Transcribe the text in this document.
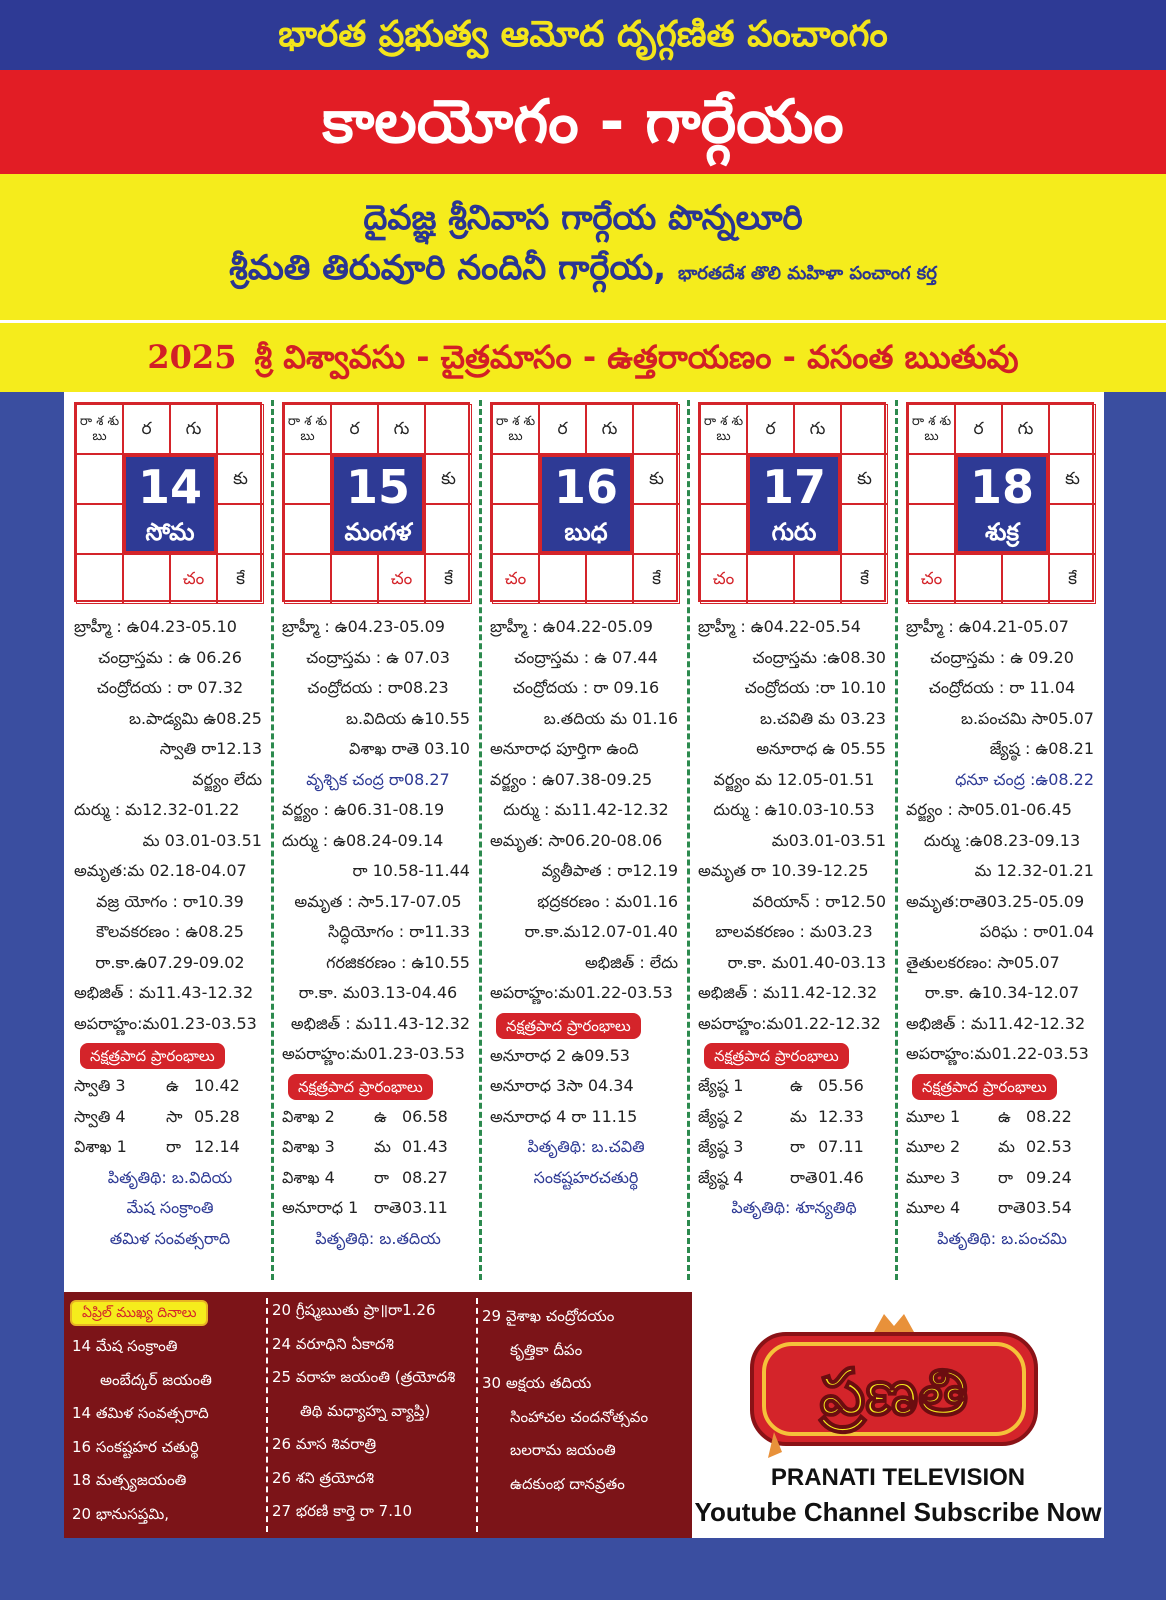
భారత ప్రభుత్వ ఆమోద దృగ్గణిత పంచాంగం
కాలయోగం - గార్గేయం
దైవజ్ఞ శ్రీనివాస గార్గేయ పొన్నలూరి
శ్రీమతి తిరువూరి నందినీ గార్గేయ, భారతదేశ తొలి మహిళా పంచాంగ కర్త
2025 శ్రీ విశ్వావసు - చైత్రమాసం - ఉత్తరాయణం - వసంత ఋతువు
రా శ శు బు	ర	గు
కు
చం	కే
14
సోమ
బ్రాహ్మీ : ఉ04.23-05.10
చంద్రాస్తమ : ఉ 06.26
చంద్రోదయ : రా 07.32
బ.పాడ్యమి ఉ08.25
స్వాతి రా12.13
వర్జ్యం లేదు
దుర్ము : మ12.32-01.22
మ 03.01-03.51
అమృత:మ 02.18-04.07
వజ్ర యోగం : రా10.39
కౌలవకరణం : ఉ08.25
రా.కా.ఉ07.29-09.02
అభిజిత్ : మ11.43-12.32
అపరాహ్ణం:మ01.23-03.53
నక్షత్రపాద ప్రారంభాలు
స్వాతి 3	ఉ 10.42
స్వాతి 4	సా 05.28
విశాఖ 1 రా 12.14
పితృతిథి: బ.విదియ
మేష సంక్రాంతి
తమిళ సంవత్సరాది
రా శ శు బు	ర	గు
కు
చం	కే
15
మంగళ
బ్రాహ్మీ : ఉ04.23-05.09
చంద్రాస్తమ : ఉ 07.03
చంద్రోదయ : రా08.23
బ.విదియ ఉ10.55
విశాఖ రాతె 03.10
వృశ్చిక చంద్ర రా08.27
వర్జ్యం : ఉ06.31-08.19
దుర్ము : ఉ08.24-09.14
రా 10.58-11.44
అమృత : సా5.17-07.05
సిద్ధియోగం : రా11.33
గరజికరణం : ఉ10.55
రా.కా. మ03.13-04.46
అభిజిత్ : మ11.43-12.32
అపరాహ్ణం:మ01.23-03.53
నక్షత్రపాద ప్రారంభాలు
విశాఖ 2 ఉ 06.58
విశాఖ 3 మ 01.43
విశాఖ 4 రా 08.27
అనూరాధ 1 రాతె 03.11
పితృతిథి: బ.తదియ
రా శ శు బు	ర	గు
కు
చం	కే
16
బుధ
బ్రాహ్మీ : ఉ04.22-05.09
చంద్రాస్తమ : ఉ 07.44
చంద్రోదయ : రా 09.16
బ.తదియ మ 01.16
అనూరాధ పూర్తిగా ఉంది
వర్జ్యం : ఉ07.38-09.25
దుర్ము : మ11.42-12.32
అమృత: సా06.20-08.06
వ్యతీపాత : రా12.19
భద్రకరణం : మ01.16
రా.కా.మ12.07-01.40
అభిజిత్ : లేదు
అపరాహ్ణం:మ01.22-03.53
నక్షత్రపాద ప్రారంభాలు
అనూరాధ 2 ఉ09.53
అనూరాధ 3సా 04.34
అనూరాధ 4 రా 11.15
పితృతిథి: బ.చవితి
సంకష్టహరచతుర్థి
రా శ శు బు	ర	గు
కు
చం	కే
17
గురు
బ్రాహ్మీ : ఉ04.22-05.54
చంద్రాస్తమ :ఉ08.30
చంద్రోదయ :రా 10.10
బ.చవితి మ 03.23
అనూరాధ ఉ 05.55
వర్జ్యం మ 12.05-01.51
దుర్ము : ఉ10.03-10.53
మ03.01-03.51
అమృత రా 10.39-12.25
వరియాన్ : రా12.50
బాలవకరణం : మ03.23
రా.కా. మ01.40-03.13
అభిజిత్ : మ11.42-12.32
అపరాహ్ణం:మ01.22-12.32
నక్షత్రపాద ప్రారంభాలు
జ్యేష్ఠ 1	ఉ 05.56
జ్యేష్ఠ 2	మ 12.33
జ్యేష్ఠ 3	రా 07.11
జ్యేష్ఠ 4	రాతె 01.46
పితృతిథి: శూన్యతిథి
రా శ శు బు	ర	గు
కు
చం	కే
18
శుక్ర
బ్రాహ్మీ : ఉ04.21-05.07
చంద్రాస్తమ : ఉ 09.20
చంద్రోదయ : రా 11.04
బ.పంచమి సా05.07
జ్యేష్ఠ : ఉ08.21
ధనూ చంద్ర :ఉ08.22
వర్జ్యం : సా05.01-06.45
దుర్ము :ఉ08.23-09.13
మ 12.32-01.21
అమృత:రాతె03.25-05.09
పరిఘ : రా01.04
తైతులకరణం: సా05.07
రా.కా. ఉ10.34-12.07
అభిజిత్ : మ11.42-12.32
అపరాహ్ణం:మ01.22-03.53
నక్షత్రపాద ప్రారంభాలు
మూల 1 ఉ 08.22
మూల 2 మ 02.53
మూల 3 రా 09.24
మూల 4 రాతె 03.54
పితృతిథి: బ.పంచమి
ఏప్రిల్ ముఖ్య దినాలు
14 మేష సంక్రాంతి
అంబేద్కర్ జయంతి
14 తమిళ సంవత్సరాది
16 సంకష్టహర చతుర్థి
18 మత్స్యజయంతి
20 భానుసప్తమి,
20 గ్రీష్మఋతు ప్రా॥రా1.26
24 వరూధిని ఏకాదశి
25 వరాహ జయంతి (త్రయోదశి
తిథి మధ్యాహ్న వ్యాప్తి)
26 మాస శివరాత్రి
26 శని త్రయోదశి
27 భరణి కార్తె రా 7.10
29 వైశాఖ చంద్రోదయం
కృత్తికా దీపం
30 అక్షయ తదియ
సింహాచల చందనోత్సవం
బలరామ జయంతి
ఉదకుంభ దానవ్రతం
ప్రణతి
PRANATI TELEVISION
Youtube Channel Subscribe Now
